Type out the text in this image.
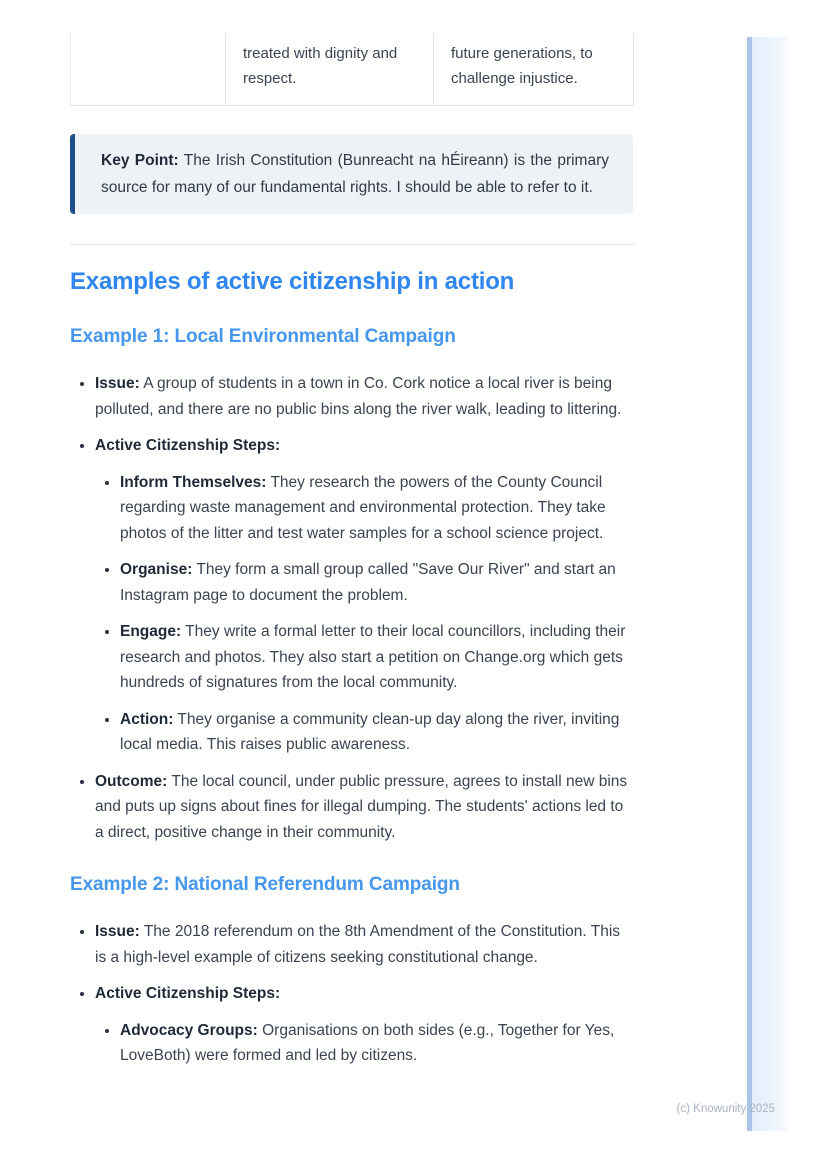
treated with dignity and respect.
future generations, to challenge injustice.
Key Point: The Irish Constitution (Bunreacht na hÉireann) is the primary source for many of our fundamental rights. I should be able to refer to it.
Examples of active citizenship in action
Example 1: Local Environmental Campaign
• Issue: A group of students in a town in Co. Cork notice a local river is being polluted, and there are no public bins along the river walk, leading to littering.
• Active Citizenship Steps:
• Inform Themselves: They research the powers of the County Council regarding waste management and environmental protection. They take photos of the litter and test water samples for a school science project.
• Organise: They form a small group called "Save Our River" and start an Instagram page to document the problem.
• Engage: They write a formal letter to their local councillors, including their research and photos. They also start a petition on Change.org which gets hundreds of signatures from the local community.
• Action: They organise a community clean-up day along the river, inviting local media. This raises public awareness.
• Outcome: The local council, under public pressure, agrees to install new bins and puts up signs about fines for illegal dumping. The students' actions led to a direct, positive change in their community.
Example 2: National Referendum Campaign
• Issue: The 2018 referendum on the 8th Amendment of the Constitution. This is a high-level example of citizens seeking constitutional change.
• Active Citizenship Steps:
• Advocacy Groups: Organisations on both sides (e.g., Together for Yes, LoveBoth) were formed and led by citizens.
(c) Knowunity 2025
